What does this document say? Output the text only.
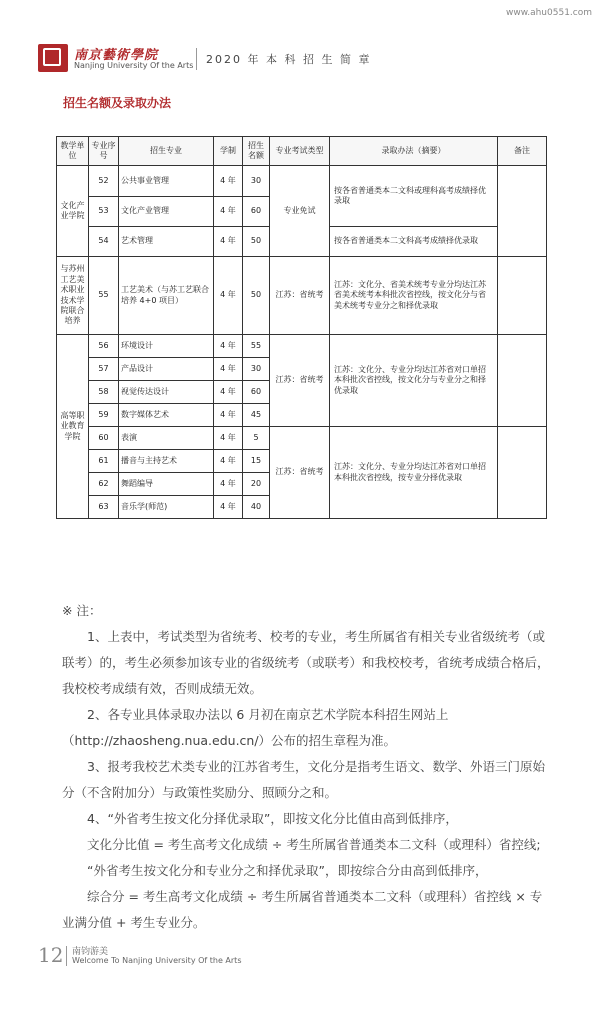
www.ahu0551.com
南京藝術學院
Nanjing University Of the Arts 2020 年 本 科 招 生 简 章
招生名额及录取办法
教学单位	专业序号	招生专业	学制	招生名额	专业考试类型	录取办法（摘要）	备注
文化产业学院	52	公共事业管理	4 年	30	专业免试	按各省普通类本二文科或理科高考成绩择优录取	
	53	文化产业管理	4 年	60			
	54	艺术管理	4 年	50		按各省普通类本二文科高考成绩择优录取	
与苏州工艺美术职业技术学院联合培养	55	工艺美术（与苏工艺联合培养 4+0 项目）	4 年	50	江苏：省统考	江苏：文化分、省美术统考专业分均达江苏省美术统考本科批次省控线，按文化分与省美术统考专业分之和择优录取	
高等职业教育学院	56	环境设计	4 年	55	江苏：省统考	江苏：文化分、专业分均达江苏省对口单招本科批次省控线，按文化分与专业分之和择优录取	
	57	产品设计	4 年	30			
	58	视觉传达设计	4 年	60			
	59	数字媒体艺术	4 年	45			
	60	表演	4 年	5	江苏：省统考	江苏：文化分、专业分均达江苏省对口单招本科批次省控线，按专业分择优录取	
	61	播音与主持艺术	4 年	15			
	62	舞蹈编导	4 年	20			
	63	音乐学(师范)	4 年	40			

※ 注：

1、上表中，考试类型为省统考、校考的专业，考生所属省有相关专业省级统考（或联考）的，考生必须参加该专业的省级统考（或联考）和我校校考，省统考成绩合格后，我校校考成绩有效，否则成绩无效。

2、各专业具体录取办法以 6 月初在南京艺术学院本科招生网站上（http://zhaosheng.nua.edu.cn/）公布的招生章程为准。

3、报考我校艺术类专业的江苏省考生，文化分是指考生语文、数学、外语三门原始分（不含附加分）与政策性奖励分、照顾分之和。

4、“外省考生按文化分择优录取”，即按文化分比值由高到低排序，

文化分比值 = 考生高考文化成绩 ÷ 考生所属省普通类本二文科（或理科）省控线;

“外省考生按文化分和专业分之和择优录取”，即按综合分由高到低排序，

综合分 = 考生高考文化成绩 ÷ 考生所属省普通类本二文科（或理科）省控线 × 专业满分值 + 考生专业分。

12 南钧游美
Welcome To Nanjing University Of the Arts
